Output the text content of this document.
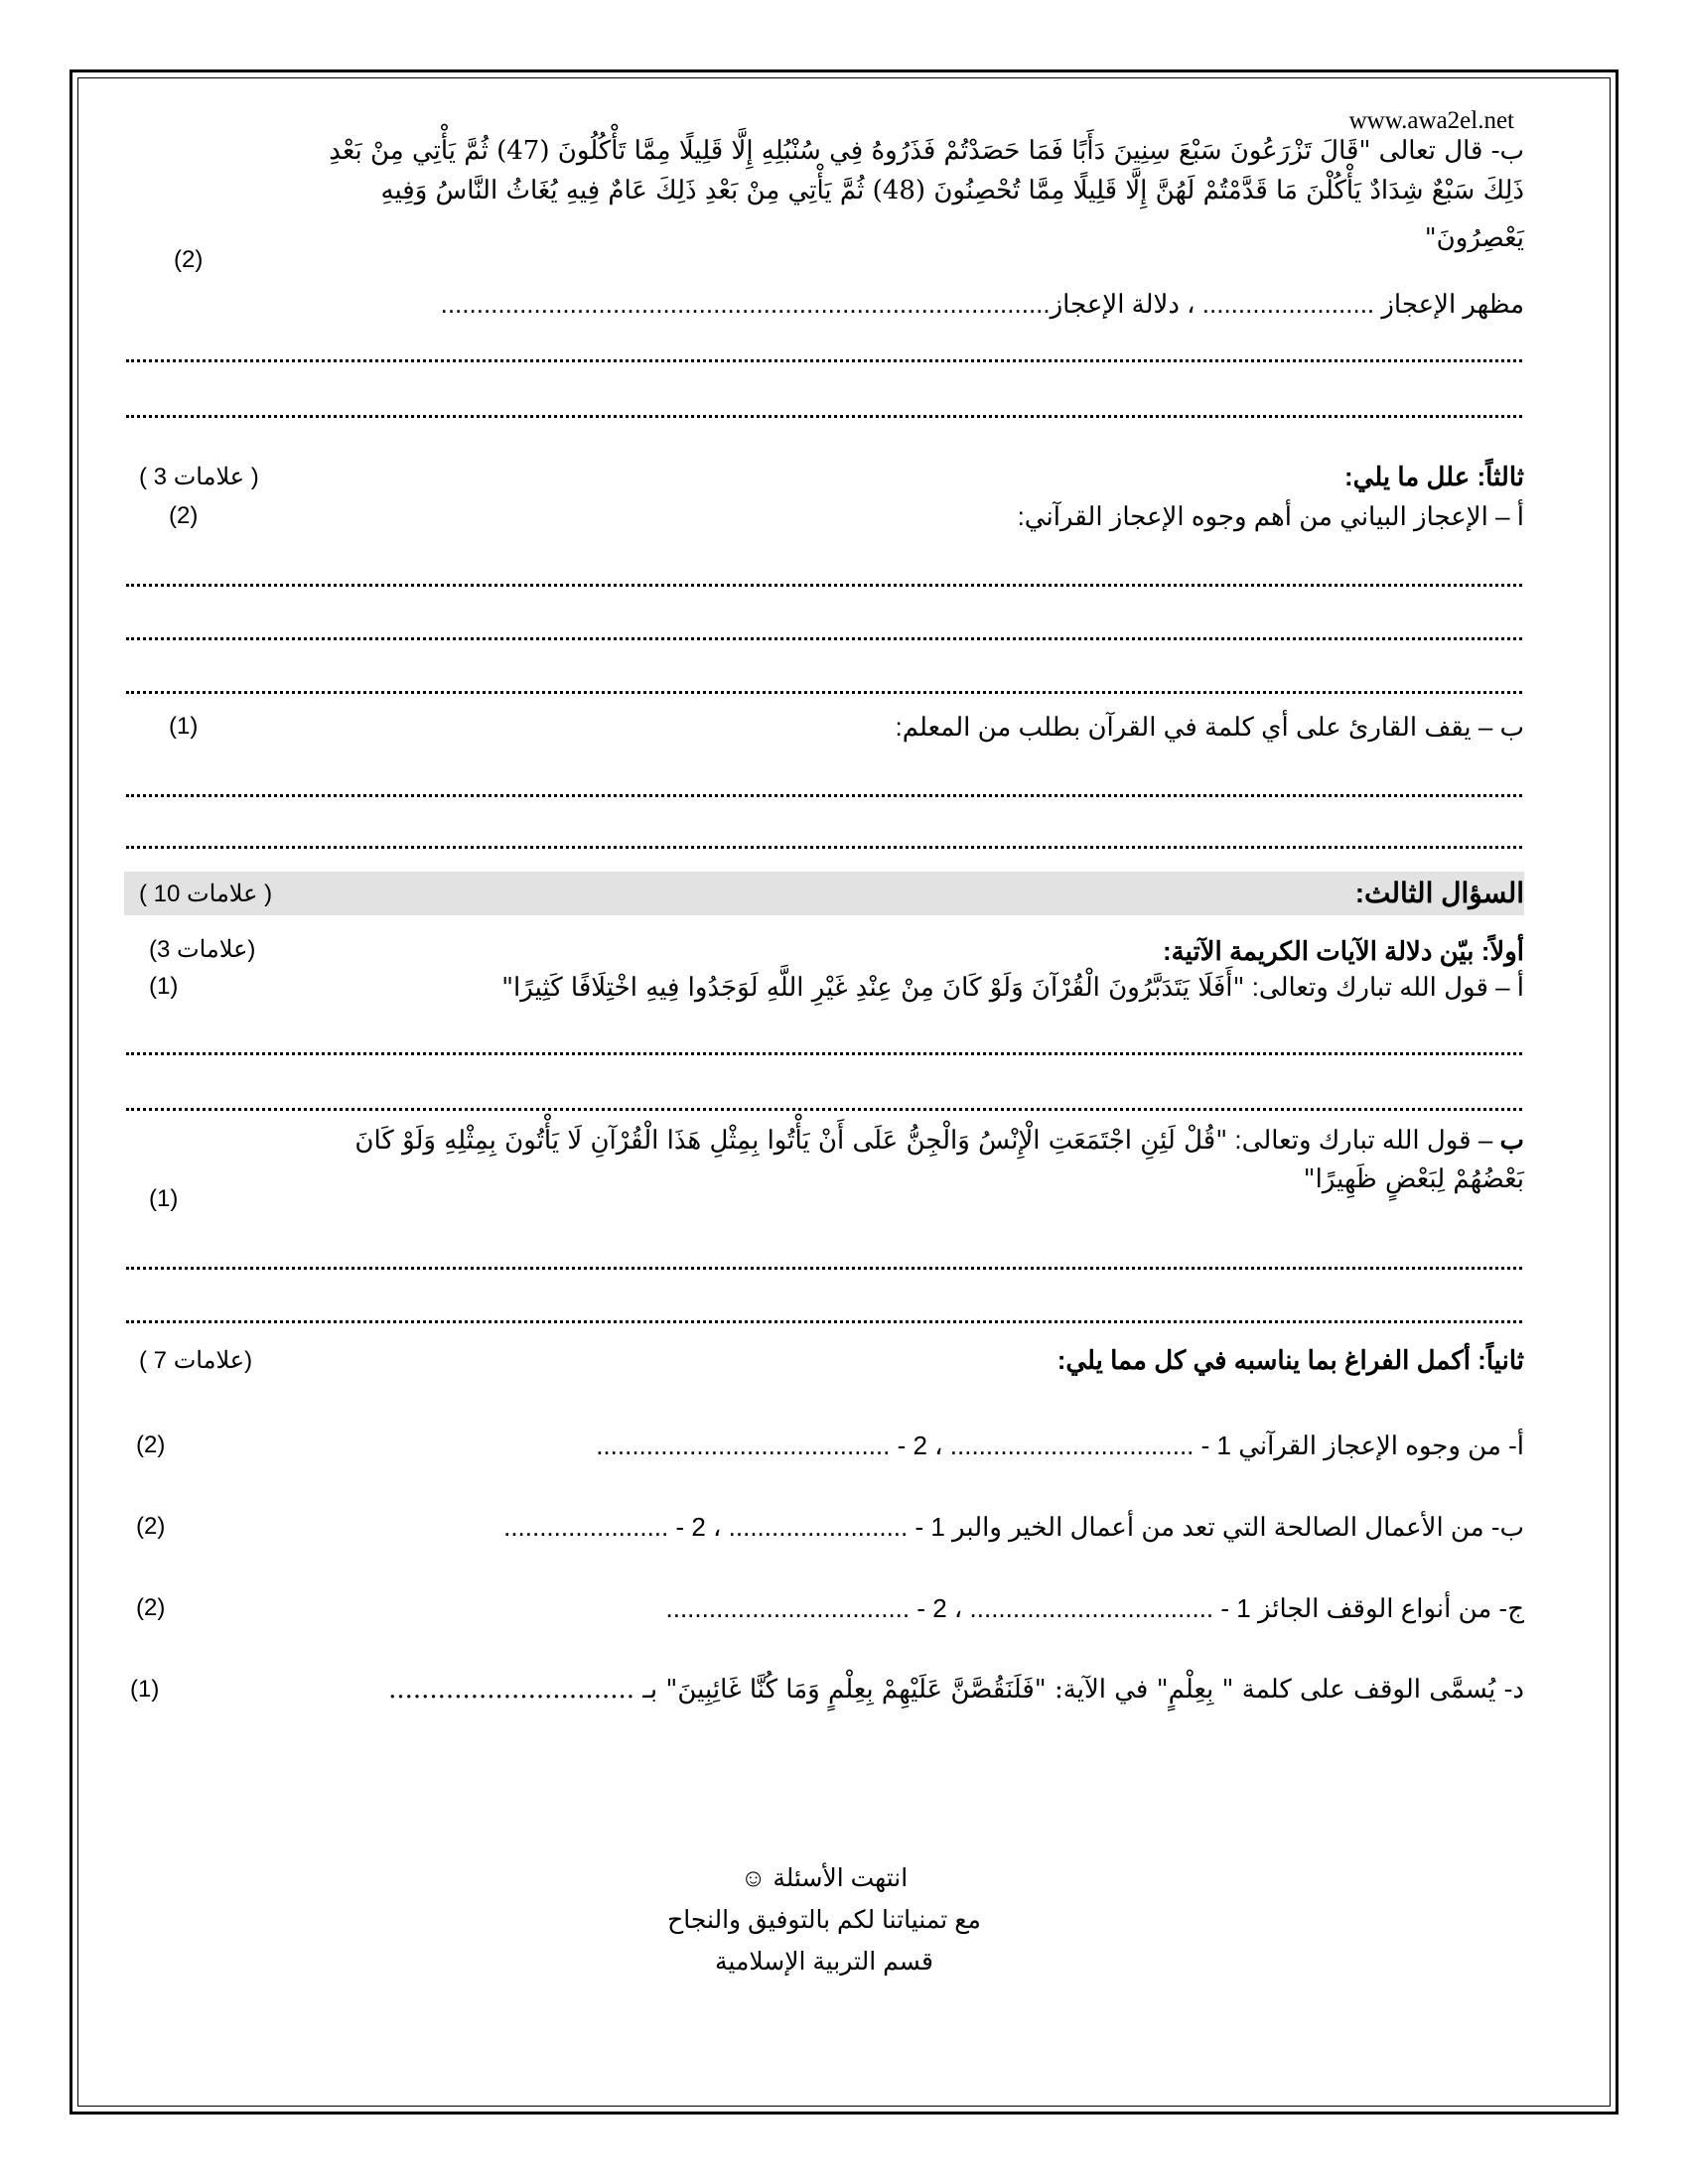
www.awa2el.net
ب- قال تعالى "قَالَ تَزْرَعُونَ سَبْعَ سِنِينَ دَأَبًا فَمَا حَصَدْتُمْ فَذَرُوهُ فِي سُنْبُلِهِ إِلَّا قَلِيلًا مِمَّا تَأْكُلُونَ (47) ثُمَّ يَأْتِي مِنْ بَعْدِ
ذَلِكَ سَبْعٌ شِدَادٌ يَأْكُلْنَ مَا قَدَّمْتُمْ لَهُنَّ إِلَّا قَلِيلًا مِمَّا تُحْصِنُونَ (48) ثُمَّ يَأْتِي مِنْ بَعْدِ ذَلِكَ عَامٌ فِيهِ يُغَاثُ النَّاسُ وَفِيهِ
يَعْصِرُونَ"
(2)
مظهر الإعجاز ........................ ، دلالة الإعجاز.....................................................................................
ثالثاً: علل ما يلي:
( 3 علامات )
أ – الإعجاز البياني من أهم وجوه الإعجاز القرآني:
(2)
ب – يقف القارئ على أي كلمة في القرآن بطلب من المعلم:
(1)
السؤال الثالث:
( 10 علامات )
أولاً: بيّن دلالة الآيات الكريمة الآتية:
(3 علامات)
أ – قول الله تبارك وتعالى: "أَفَلَا يَتَدَبَّرُونَ الْقُرْآنَ وَلَوْ كَانَ مِنْ عِنْدِ غَيْرِ اللَّهِ لَوَجَدُوا فِيهِ اخْتِلَافًا كَثِيرًا"
(1)
ب – قول الله تبارك وتعالى: "قُلْ لَئِنِ اجْتَمَعَتِ الْإِنْسُ وَالْجِنُّ عَلَى أَنْ يَأْتُوا بِمِثْلِ هَذَا الْقُرْآنِ لَا يَأْتُونَ بِمِثْلِهِ وَلَوْ كَانَ
بَعْضُهُمْ لِبَعْضٍ ظَهِيرًا"
(1)
ثانياً: أكمل الفراغ بما يناسبه في كل مما يلي:
( 7 علامات)
أ- من وجوه الإعجاز القرآني 1 - .................................. ، 2 - .........................................
(2)
ب- من الأعمال الصالحة التي تعد من أعمال الخير والبر 1 - ......................... ، 2 - .......................
(2)
ج- من أنواع الوقف الجائز 1 - .................................. ، 2 - ..................................
(2)
د- يُسمَّى الوقف على كلمة " بِعِلْمٍ" في الآية: "فَلَنَقُصَّنَّ عَلَيْهِمْ بِعِلْمٍ وَمَا كُنَّا غَائِبِينَ" بـ ..............................
(1)
انتهت الأسئلة ☺
مع تمنياتنا لكم بالتوفيق والنجاح
قسم التربية الإسلامية
